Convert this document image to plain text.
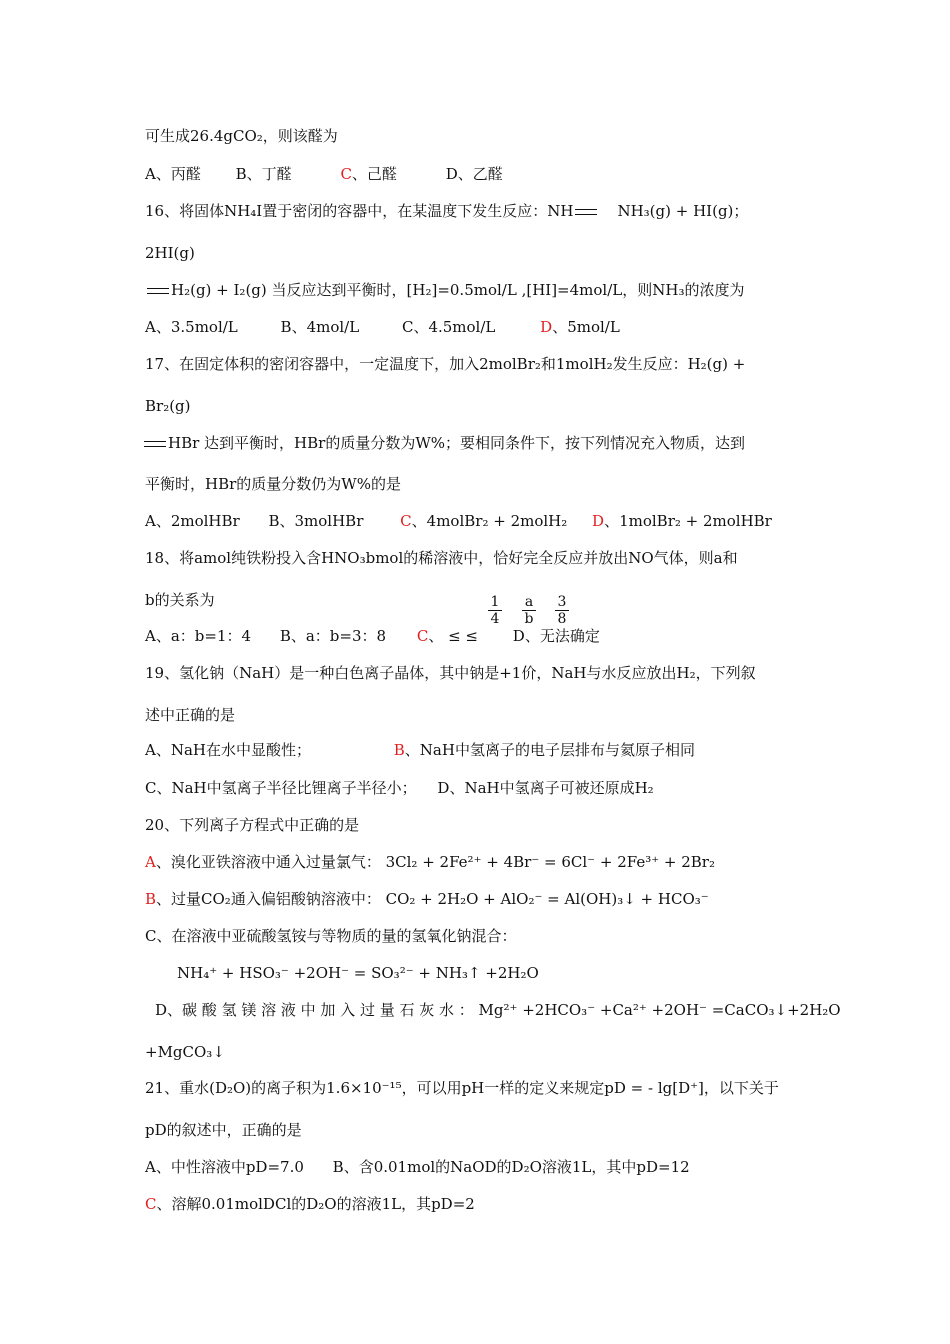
可生成26.4gCO₂，则该醛为
A、丙醛 B、丁醛	C、己醛	D、乙醛
16、将固体NH₄I置于密闭的容器中，在某温度下发生反应：NH	NH₃(g) + HI(g)；
2HI(g)
H₂(g) + I₂(g) 当反应达到平衡时，[H₂]=0.5mol/L ,[HI]=4mol/L，则NH₃的浓度为
A、3.5mol/L	B、4mol/L	C、4.5mol/L	D、5mol/L
17、在固定体积的密闭容器中，一定温度下，加入2molBr₂和1molH₂发生反应：H₂(g) +
Br₂(g)
HBr 达到平衡时，HBr的质量分数为W%；要相同条件下，按下列情况充入物质，达到
平衡时，HBr的质量分数仍为W%的是
A、2molHBr B、3molHBr C、4molBr₂ + 2molH₂ D、1molBr₂ + 2molHBr
18、将amol纯铁粉投入含HNO₃bmol的稀溶液中，恰好完全反应并放出NO气体，则a和
b的关系为	$\frac{1}{4} \frac{a}{b} \frac{3}{8}$
A、a：b=1：4 B、a：b=3：8 C、 ≤ ≤ D、无法确定
19、氢化钠（NaH）是一种白色离子晶体，其中钠是+1价，NaH与水反应放出H₂，下列叙
述中正确的是
A、NaH在水中显酸性；	B、NaH中氢离子的电子层排布与氦原子相同
C、NaH中氢离子半径比锂离子半径小； D、NaH中氢离子可被还原成H₂
20、下列离子方程式中正确的是
A、溴化亚铁溶液中通入过量氯气： 3Cl₂ + 2Fe²⁺ + 4Br⁻ = 6Cl⁻ + 2Fe³⁺ + 2Br₂
B、过量CO₂通入偏铝酸钠溶液中： CO₂ + 2H₂O + AlO₂⁻ = Al(OH)₃↓ + HCO₃⁻
C、在溶液中亚硫酸氢铵与等物质的量的氢氧化钠混合：
NH₄⁺ + HSO₃⁻ +2OH⁻ = SO₃²⁻ + NH₃↑ +2H₂O
D、碳 酸 氢 镁 溶 液 中 加 入 过 量 石 灰 水 ： Mg²⁺ +2HCO₃⁻ +Ca²⁺ +2OH⁻ =CaCO₃↓+2H₂O
+MgCO₃↓
21、重水(D₂O)的离子积为1.6×10⁻¹⁵，可以用pH一样的定义来规定pD = - lg[D⁺]，以下关于
pD的叙述中，正确的是
A、中性溶液中pD=7.0 B、含0.01mol的NaOD的D₂O溶液1L，其中pD=12
C、溶解0.01molDCl的D₂O的溶液1L，其pD=2
